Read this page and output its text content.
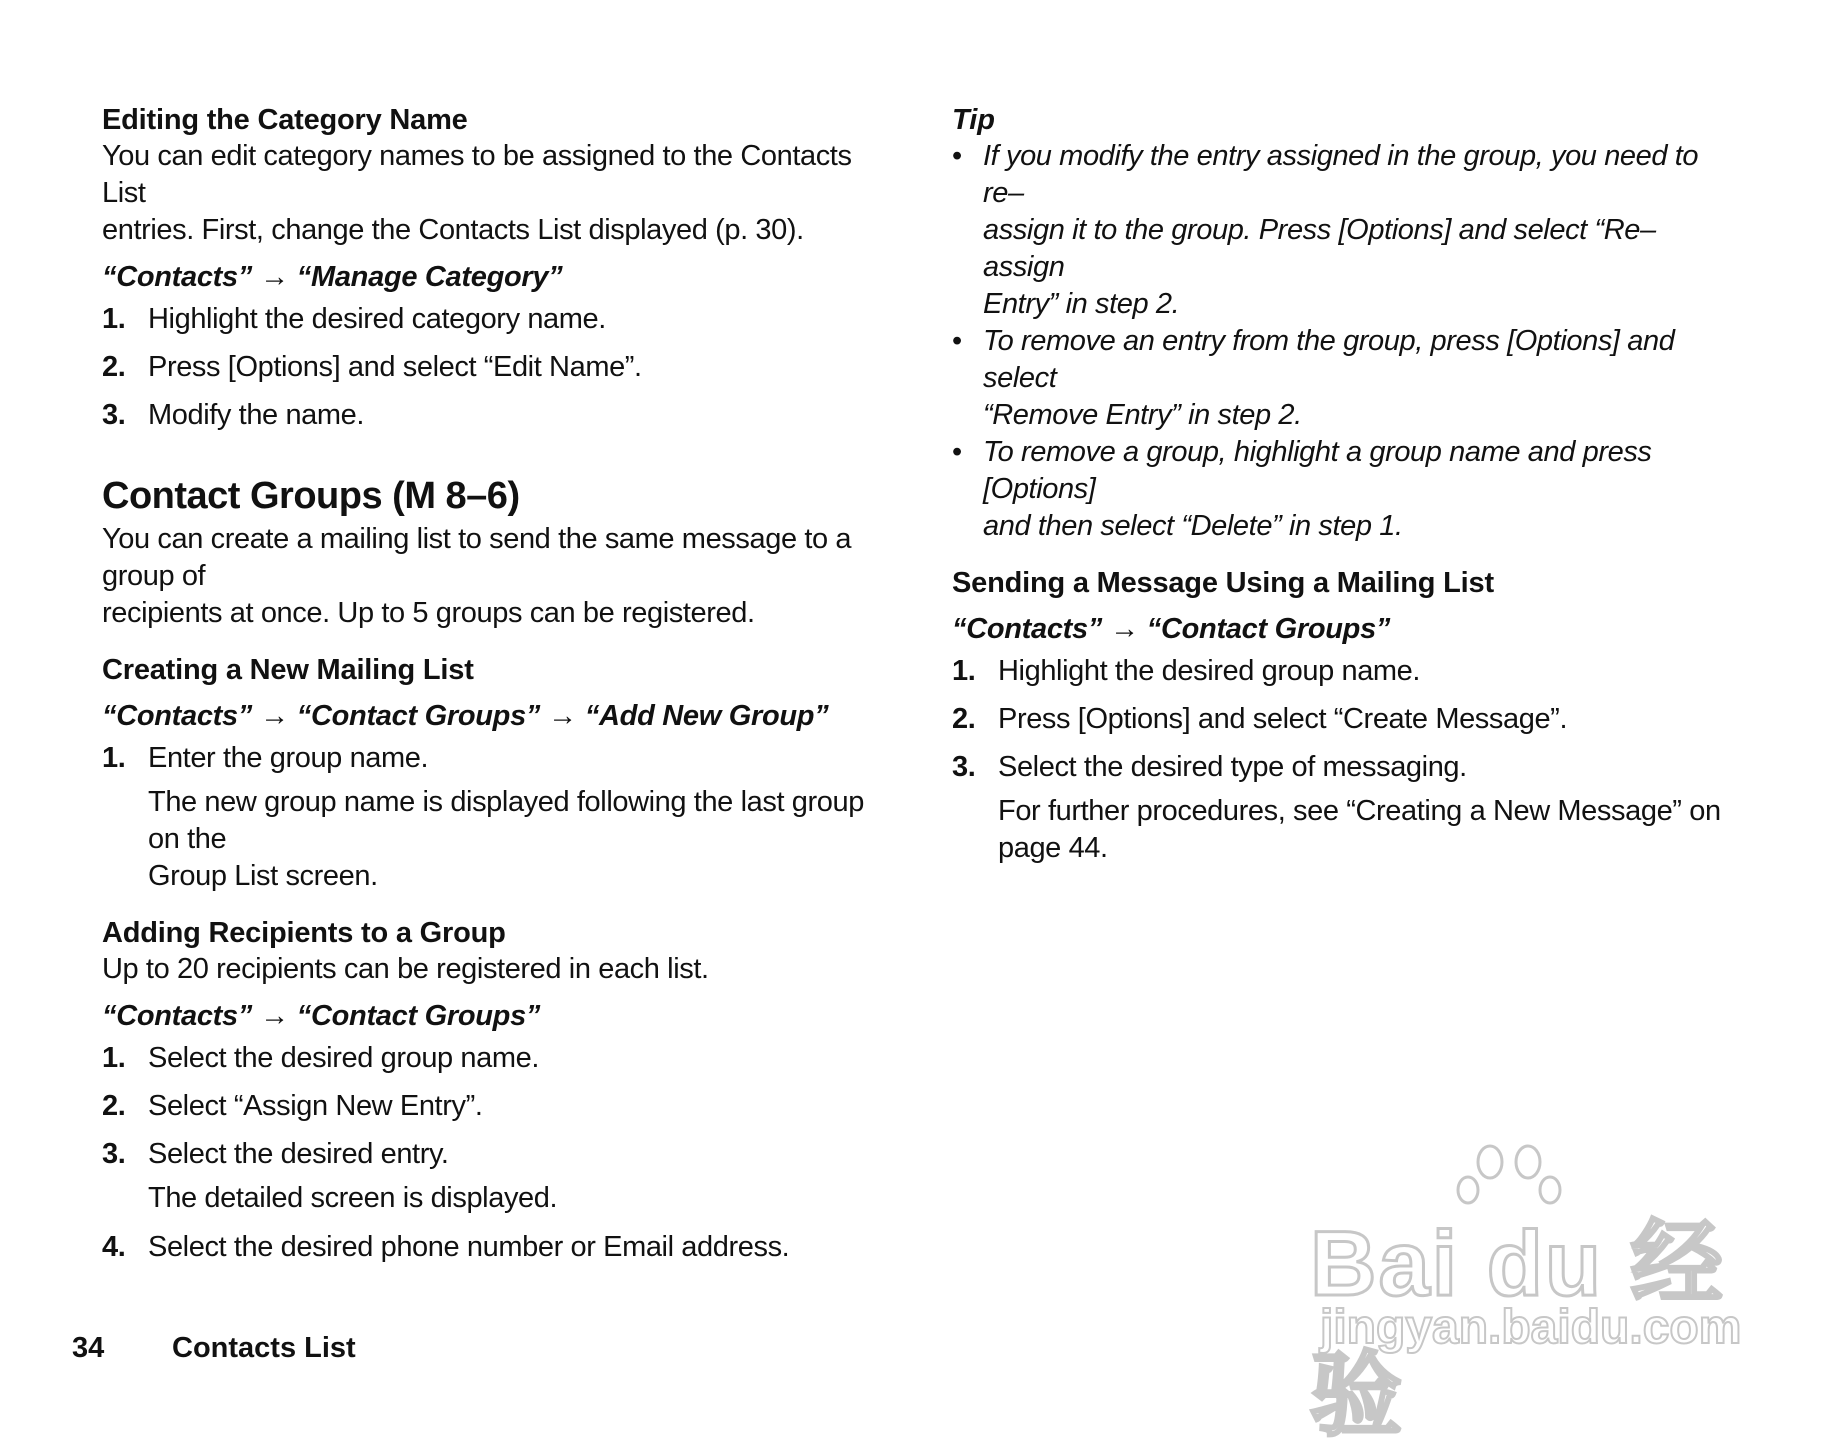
Editing the Category Name

You can edit category names to be assigned to the Contacts List
entries. First, change the Contacts List displayed (p. 30).

“Contacts” → “Manage Category”
1. Highlight the desired category name.
2. Press [Options] and select “Edit Name”.
3. Modify the name.
Contact Groups (M 8–6)

You can create a mailing list to send the same message to a group of
recipients at once. Up to 5 groups can be registered.

Creating a New Mailing List
“Contacts” → “Contact Groups” → “Add New Group”
1. Enter the group name.

The new group name is displayed following the last group on the
Group List screen.

Adding Recipients to a Group

Up to 20 recipients can be registered in each list.

“Contacts” → “Contact Groups”
1. Select the desired group name.
2. Select “Assign New Entry”.
3. Select the desired entry.

The detailed screen is displayed.

4. Select the desired phone number or Email address.
Tip
• If you modify the entry assigned in the group, you need to re–
assign it to the group. Press [Options] and select “Re–assign
Entry” in step 2.
• To remove an entry from the group, press [Options] and select
“Remove Entry” in step 2.
• To remove a group, highlight a group name and press [Options]
and then select “Delete” in step 1.
Sending a Message Using a Mailing List
“Contacts” → “Contact Groups”
1. Highlight the desired group name.
2. Press [Options] and select “Create Message”.
3. Select the desired type of messaging.

For further procedures, see “Creating a New Message” on
page 44.

34 Contacts List
Bai du 经验
jingyan.baidu.com
